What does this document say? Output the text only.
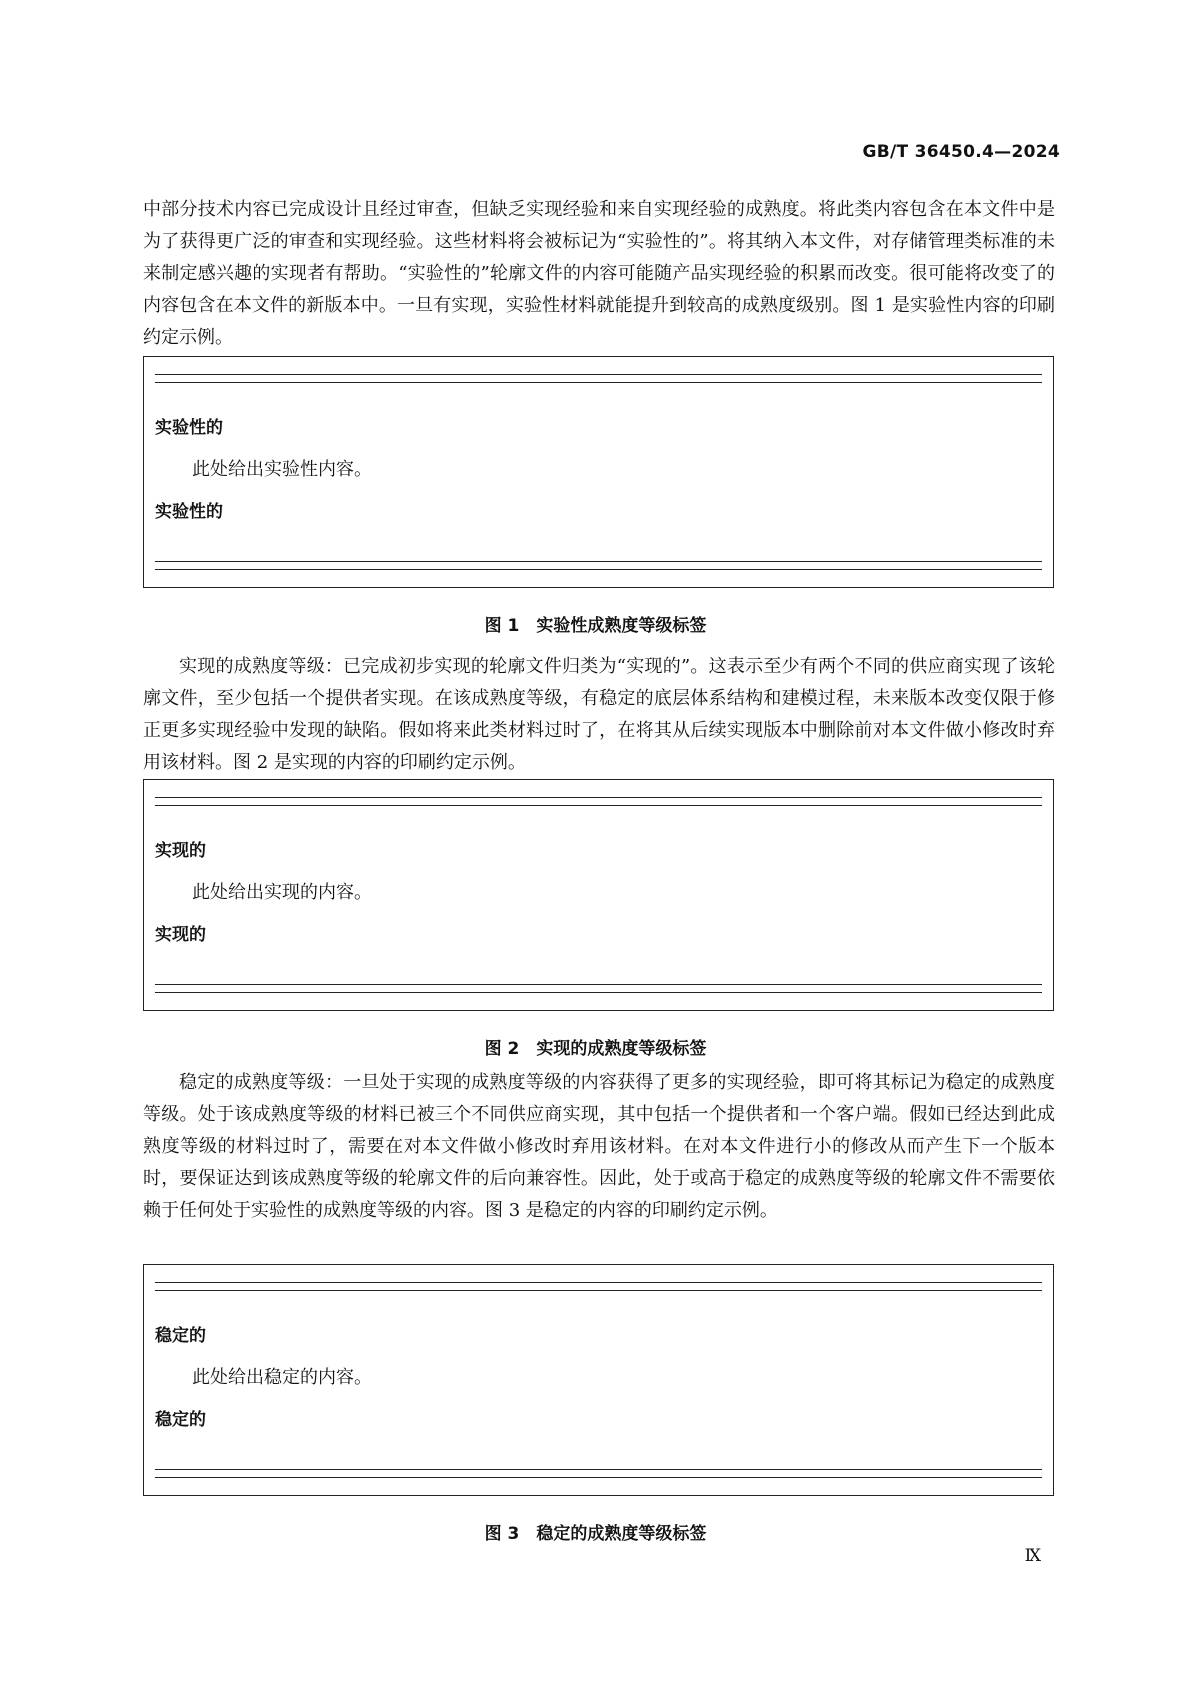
GB/T 36450.4—2024

中部分技术内容已完成设计且经过审查，但缺乏实现经验和来自实现经验的成熟度。将此类内容包含在本文件中是为了获得更广泛的审查和实现经验。这些材料将会被标记为“实验性的”。将其纳入本文件，对存储管理类标准的未来制定感兴趣的实现者有帮助。“实验性的”轮廓文件的内容可能随产品实现经验的积累而改变。很可能将改变了的内容包含在本文件的新版本中。一旦有实现，实验性材料就能提升到较高的成熟度级别。图 1 是实验性内容的印刷约定示例。

实验性的
此处给出实验性内容。
实验性的
图 1　实验性成熟度等级标签

实现的成熟度等级：已完成初步实现的轮廓文件归类为“实现的”。这表示至少有两个不同的供应商实现了该轮廓文件，至少包括一个提供者实现。在该成熟度等级，有稳定的底层体系结构和建模过程，未来版本改变仅限于修正更多实现经验中发现的缺陷。假如将来此类材料过时了，在将其从后续实现版本中删除前对本文件做小修改时弃用该材料。图 2 是实现的内容的印刷约定示例。

实现的
此处给出实现的内容。
实现的
图 2　实现的成熟度等级标签

稳定的成熟度等级：一旦处于实现的成熟度等级的内容获得了更多的实现经验，即可将其标记为稳定的成熟度等级。处于该成熟度等级的材料已被三个不同供应商实现，其中包括一个提供者和一个客户端。假如已经达到此成熟度等级的材料过时了，需要在对本文件做小修改时弃用该材料。在对本文件进行小的修改从而产生下一个版本时，要保证达到该成熟度等级的轮廓文件的后向兼容性。因此，处于或高于稳定的成熟度等级的轮廓文件不需要依赖于任何处于实验性的成熟度等级的内容。图 3 是稳定的内容的印刷约定示例。

稳定的
此处给出稳定的内容。
稳定的
图 3　稳定的成熟度等级标签
Ⅸ
